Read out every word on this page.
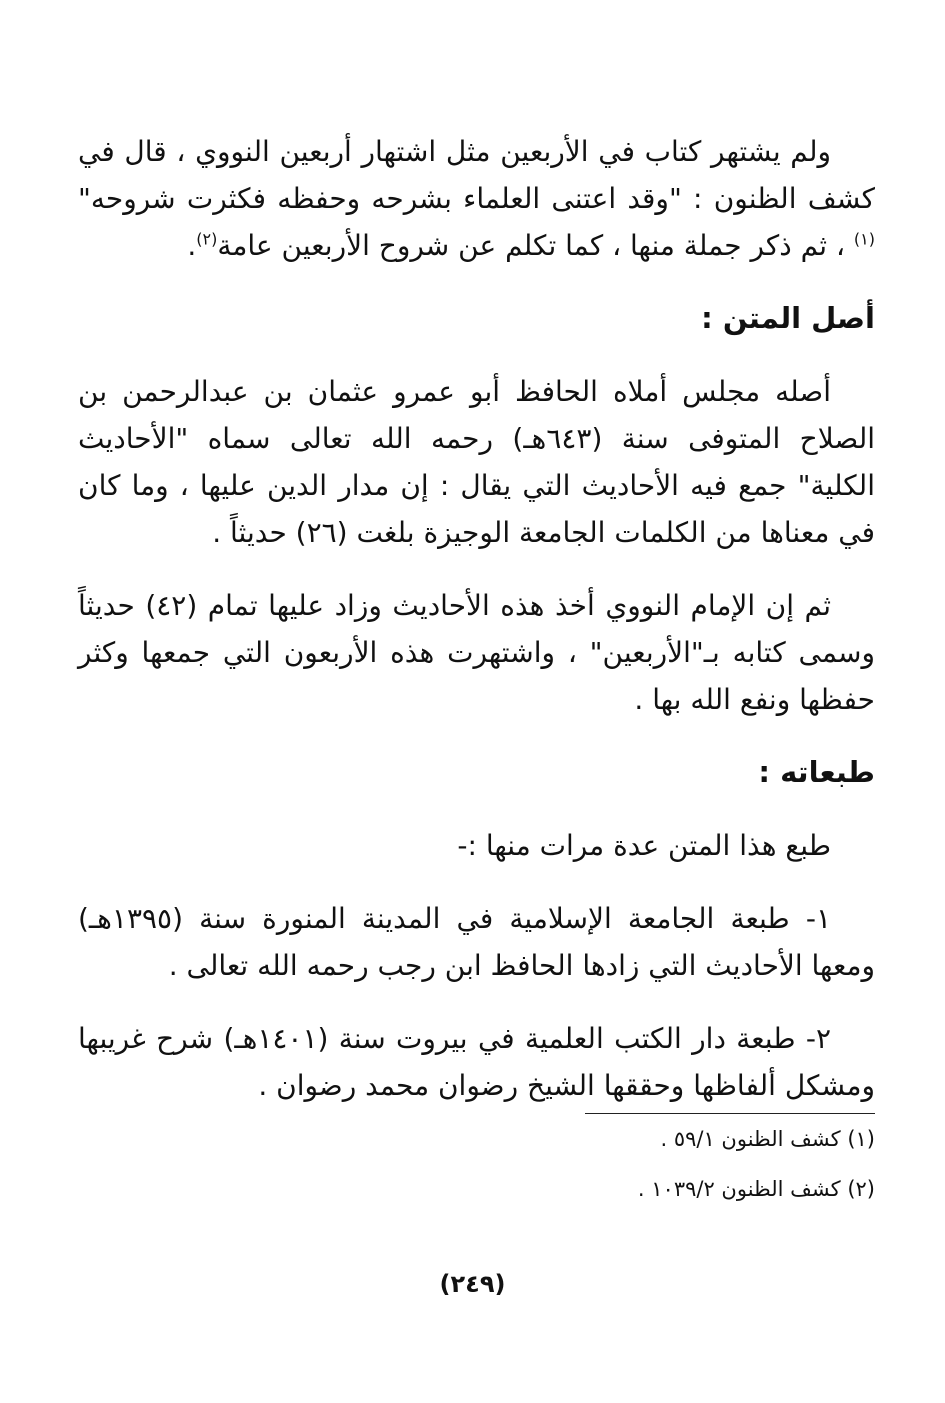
ولم يشتهر كتاب في الأربعين مثل اشتهار أربعين النووي ، قال في كشف الظنون : "وقد اعتنى العلماء بشرحه وحفظه فكثرت شروحه"$^{(١)}$ ، ثم ذكر جملة منها ، كما تكلم عن شروح الأربعين عامة$^{(٢)}$.

أصل المتن :

أصله مجلس أملاه الحافظ أبو عمرو عثمان بن عبدالرحمن بن الصلاح المتوفى سنة (٦٤٣هـ) رحمه الله تعالى سماه "الأحاديث الكلية" جمع فيه الأحاديث التي يقال : إن مدار الدين عليها ، وما كان في معناها من الكلمات الجامعة الوجيزة بلغت (٢٦) حديثاً .

ثم إن الإمام النووي أخذ هذه الأحاديث وزاد عليها تمام (٤٢) حديثاً وسمى كتابه بـ"الأربعين" ، واشتهرت هذه الأربعون التي جمعها وكثر حفظها ونفع الله بها .

طبعاته :

طبع هذا المتن عدة مرات منها :-

١- طبعة الجامعة الإسلامية في المدينة المنورة سنة (١٣٩٥هـ) ومعها الأحاديث التي زادها الحافظ ابن رجب رحمه الله تعالى .

٢- طبعة دار الكتب العلمية في بيروت سنة (١٤٠١هـ) شرح غريبها ومشكل ألفاظها وحققها الشيخ رضوان محمد رضوان .

(١) كشف الظنون ٥٩/١ .
(٢) كشف الظنون ١٠٣٩/٢ .
(٢٤٩)
